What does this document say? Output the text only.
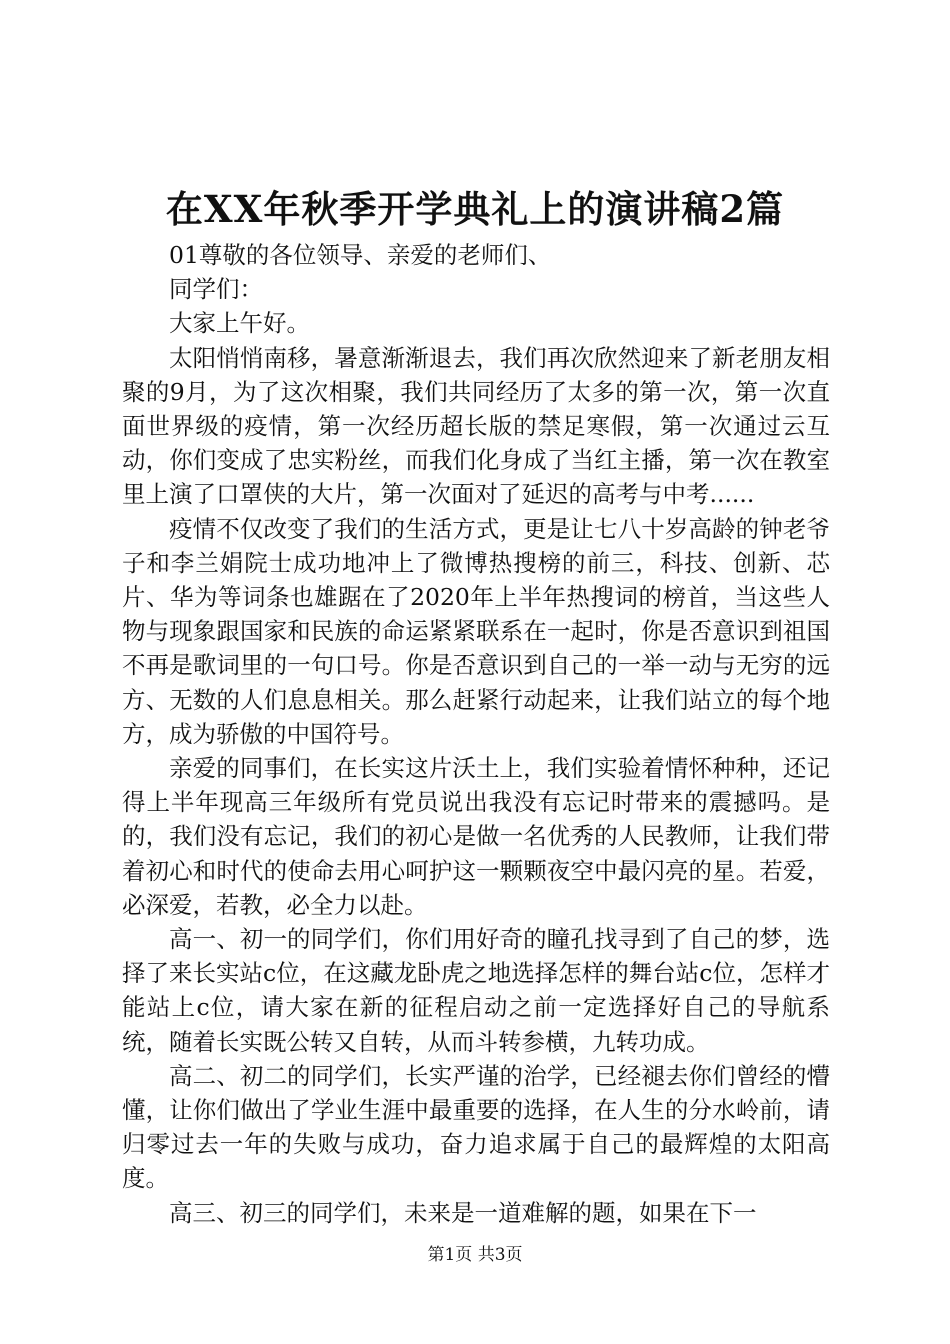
在XX年秋季开学典礼上的演讲稿2篇

01尊敬的各位领导、亲爱的老师们、

同学们：

大家上午好。

太阳悄悄南移，暑意渐渐退去，我们再次欣然迎来了新老朋友相聚的9月，为了这次相聚，我们共同经历了太多的第一次，第一次直面世界级的疫情，第一次经历超长版的禁足寒假，第一次通过云互动，你们变成了忠实粉丝，而我们化身成了当红主播，第一次在教室里上演了口罩侠的大片，第一次面对了延迟的高考与中考......

疫情不仅改变了我们的生活方式，更是让七八十岁高龄的钟老爷子和李兰娟院士成功地冲上了微博热搜榜的前三，科技、创新、芯片、华为等词条也雄踞在了2020年上半年热搜词的榜首，当这些人物与现象跟国家和民族的命运紧紧联系在一起时，你是否意识到祖国不再是歌词里的一句口号。你是否意识到自己的一举一动与无穷的远方、无数的人们息息相关。那么赶紧行动起来，让我们站立的每个地方，成为骄傲的中国符号。

亲爱的同事们，在长实这片沃土上，我们实验着情怀种种，还记得上半年现高三年级所有党员说出我没有忘记时带来的震撼吗。是的，我们没有忘记，我们的初心是做一名优秀的人民教师，让我们带着初心和时代的使命去用心呵护这一颗颗夜空中最闪亮的星。若爱，必深爱，若教，必全力以赴。

高一、初一的同学们，你们用好奇的瞳孔找寻到了自己的梦，选择了来长实站c位，在这藏龙卧虎之地选择怎样的舞台站c位，怎样才能站上c位，请大家在新的征程启动之前一定选择好自己的导航系统，随着长实既公转又自转，从而斗转参横，九转功成。

高二、初二的同学们，长实严谨的治学，已经褪去你们曾经的懵懂，让你们做出了学业生涯中最重要的选择，在人生的分水岭前，请归零过去一年的失败与成功，奋力追求属于自己的最辉煌的太阳高度。

高三、初三的同学们，未来是一道难解的题，如果在下一

第1页 共3页
